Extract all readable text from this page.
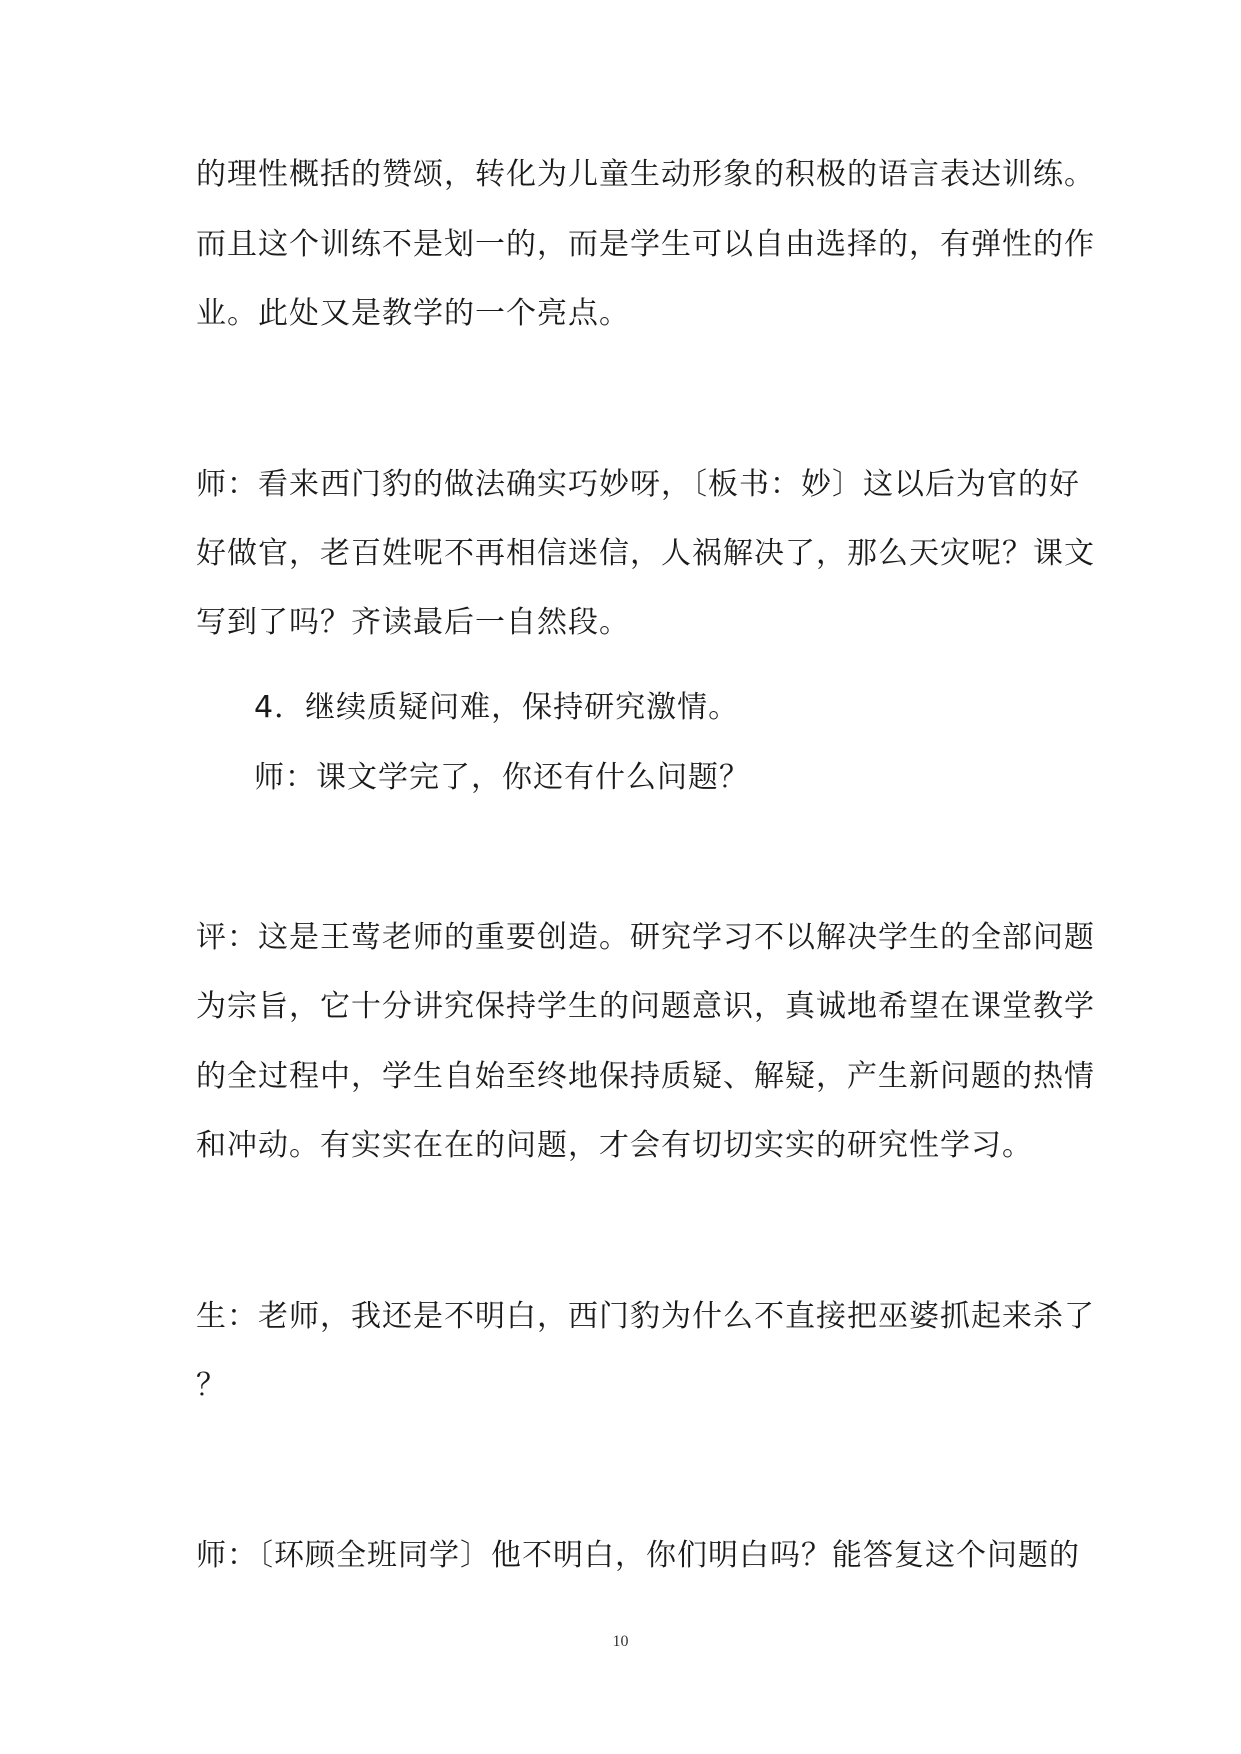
的理性概括的赞颂，转化为儿童生动形象的积极的语言表达训练。
而且这个训练不是划一的，而是学生可以自由选择的，有弹性的作
业。此处又是教学的一个亮点。
师：看来西门豹的做法确实巧妙呀，〔板书：妙〕这以后为官的好
好做官，老百姓呢不再相信迷信，人祸解决了，那么天灾呢？课文
写到了吗？齐读最后一自然段。
4．继续质疑问难，保持研究激情。
师：课文学完了，你还有什么问题？
评：这是王莺老师的重要创造。研究学习不以解决学生的全部问题
为宗旨，它十分讲究保持学生的问题意识，真诚地希望在课堂教学
的全过程中，学生自始至终地保持质疑、解疑，产生新问题的热情
和冲动。有实实在在的问题，才会有切切实实的研究性学习。
生：老师，我还是不明白，西门豹为什么不直接把巫婆抓起来杀了
？
师：〔环顾全班同学〕他不明白，你们明白吗？能答复这个问题的
10
